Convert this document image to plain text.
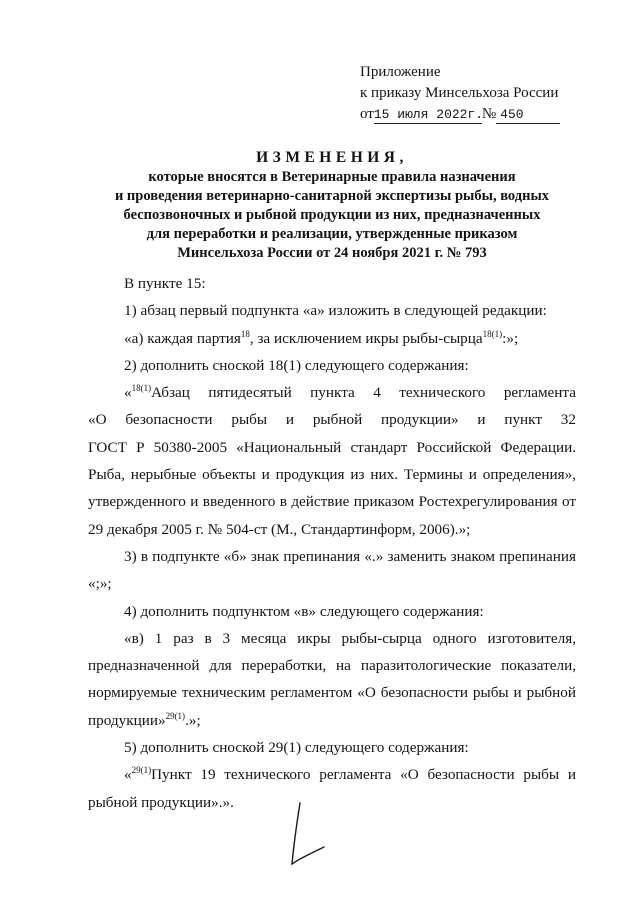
Приложение
к приказу Минсельхоза России
от15 июля 2022г.№ 450
ИЗМЕНЕНИЯ,
которые вносятся в Ветеринарные правила назначения
и проведения ветеринарно-санитарной экспертизы рыбы, водных
беспозвоночных и рыбной продукции из них, предназначенных
для переработки и реализации, утвержденные приказом
Минсельхоза России от 24 ноября 2021 г. № 793

В пункте 15:

1) абзац первый подпункта «а» изложить в следующей редакции:

«а) каждая партия$^{18}$, за исключением икры рыбы-сырца$^{18(1)}$:»;

2) дополнить сноской 18(1) следующего содержания:

«$^{18(1)}$Абзац пятидесятый пункта 4 технического регламента

«О безопасности рыбы и рыбной продукции» и пункт 32

ГОСТ Р 50380-2005 «Национальный стандарт Российской Федерации. Рыба, нерыбные объекты и продукция из них. Термины и определения», утвержденного и введенного в действие приказом Ростехрегулирования от 29 декабря 2005 г. № 504-ст (М., Стандартинформ, 2006).»;

3) в подпункте «б» знак препинания «.» заменить знаком препинания «;»;

4) дополнить подпунктом «в» следующего содержания:

«в) 1 раз в 3 месяца икры рыбы-сырца одного изготовителя, предназначенной для переработки, на паразитологические показатели, нормируемые техническим регламентом «О безопасности рыбы и рыбной продукции»$^{29(1)}$.»;

5) дополнить сноской 29(1) следующего содержания:

«$^{29(1)}$Пункт 19 технического регламента «О безопасности рыбы и рыбной продукции».».
